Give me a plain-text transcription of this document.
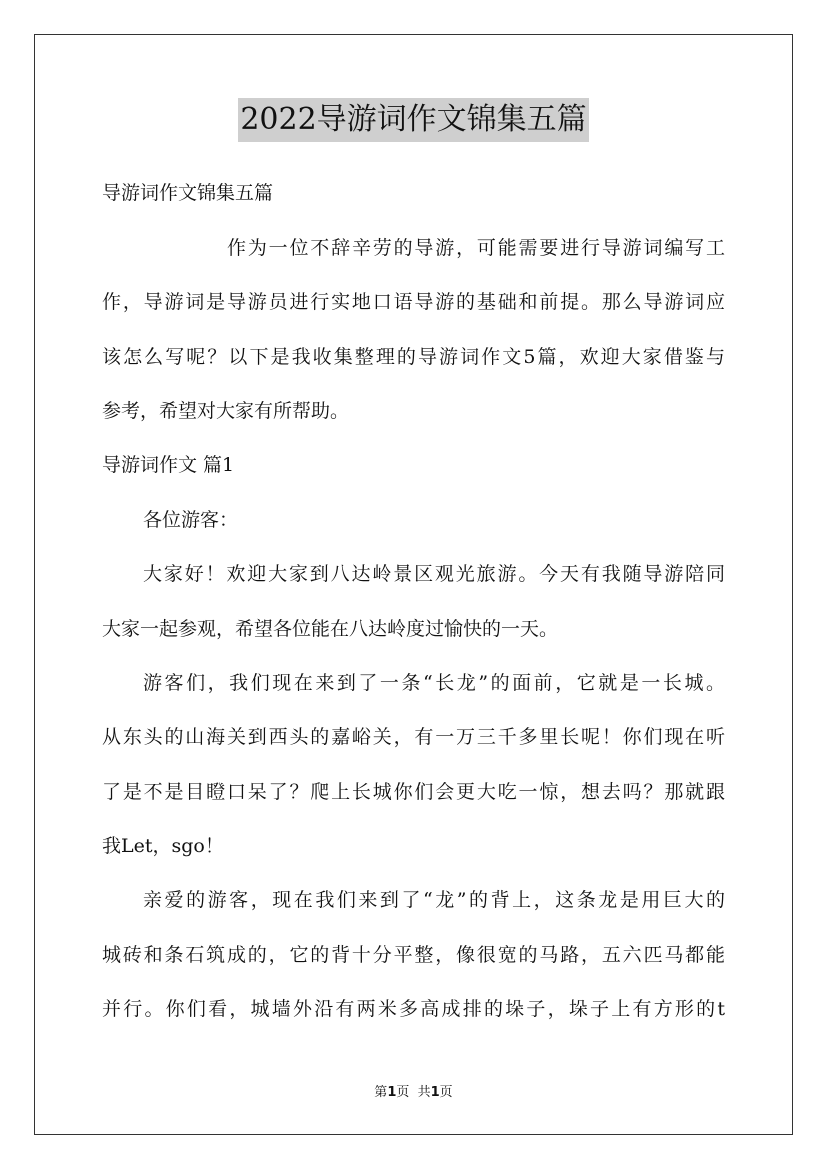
2022导游词作文锦集五篇
导游词作文锦集五篇
作为一位不辞辛劳的导游，可能需要进行导游词编写工
作，导游词是导游员进行实地口语导游的基础和前提。那么导游词应
该怎么写呢？以下是我收集整理的导游词作文5篇，欢迎大家借鉴与
参考，希望对大家有所帮助。
导游词作文 篇1
各位游客：
大家好！欢迎大家到八达岭景区观光旅游。今天有我随导游陪同
大家一起参观，希望各位能在八达岭度过愉快的一天。
游客们，我们现在来到了一条“长龙”的面前，它就是一长城。
从东头的山海关到西头的嘉峪关，有一万三千多里长呢！你们现在听
了是不是目瞪口呆了？爬上长城你们会更大吃一惊，想去吗？那就跟
我Let，sgo！
亲爱的游客，现在我们来到了“龙”的背上，这条龙是用巨大的
城砖和条石筑成的，它的背十分平整，像很宽的马路，五六匹马都能
并行。你们看，城墙外沿有两米多高成排的垛子，垛子上有方形的t
第1页  共1页
